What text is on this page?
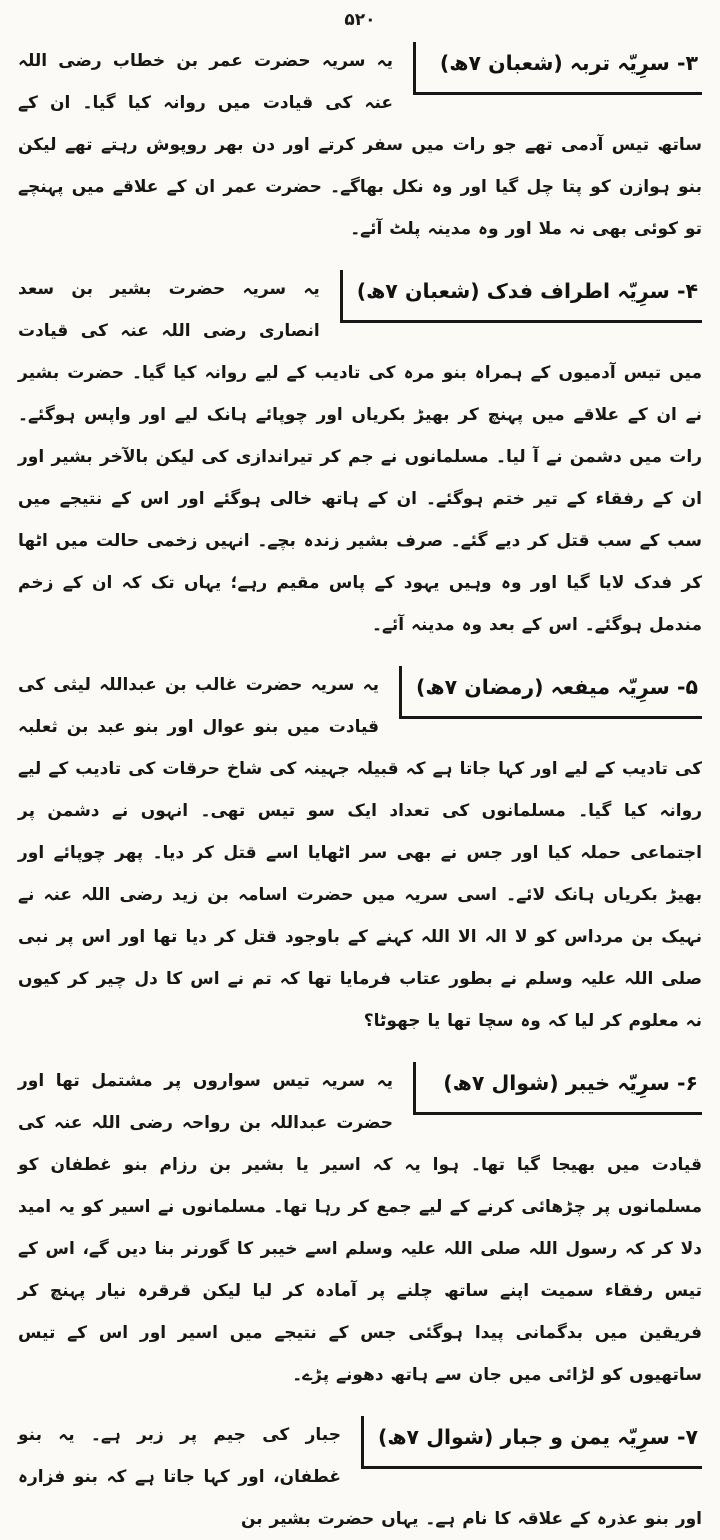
۵۲۰
۳- سرِیّہ تربہ (شعبان ۷ھ)

یہ سریہ حضرت عمر بن خطاب رضی اللہ عنہ کی قیادت میں روانہ کیا گیا۔ ان کے ساتھ تیس آدمی تھے جو رات میں سفر کرتے اور دن بھر روپوش رہتے تھے لیکن بنو ہوازن کو پتا چل گیا اور وہ نکل بھاگے۔ حضرت عمر ان کے علاقے میں پہنچے تو کوئی بھی نہ ملا اور وہ مدینہ پلٹ آئے۔

۴- سرِیّہ اطراف فدک (شعبان ۷ھ)

یہ سریہ حضرت بشیر بن سعد انصاری رضی اللہ عنہ کی قیادت میں تیس آدمیوں کے ہمراہ بنو مرہ کی تادیب کے لیے روانہ کیا گیا۔ حضرت بشیر نے ان کے علاقے میں پہنچ کر بھیڑ بکریاں اور چوپائے ہانک لیے اور واپس ہوگئے۔ رات میں دشمن نے آ لیا۔ مسلمانوں نے جم کر تیراندازی کی لیکن بالآخر بشیر اور ان کے رفقاء کے تیر ختم ہوگئے۔ ان کے ہاتھ خالی ہوگئے اور اس کے نتیجے میں سب کے سب قتل کر دیے گئے۔ صرف بشیر زندہ بچے۔ انہیں زخمی حالت میں اٹھا کر فدک لایا گیا اور وہ وہیں یہود کے پاس مقیم رہے؛ یہاں تک کہ ان کے زخم مندمل ہوگئے۔ اس کے بعد وہ مدینہ آئے۔

۵- سرِیّہ میفعہ (رمضان ۷ھ)

یہ سریہ حضرت غالب بن عبداللہ لیثی کی قیادت میں بنو عوال اور بنو عبد بن ثعلبہ کی تادیب کے لیے اور کہا جاتا ہے کہ قبیلہ جہینہ کی شاخ حرقات کی تادیب کے لیے روانہ کیا گیا۔ مسلمانوں کی تعداد ایک سو تیس تھی۔ انہوں نے دشمن پر اجتماعی حملہ کیا اور جس نے بھی سر اٹھایا اسے قتل کر دیا۔ پھر چوپائے اور بھیڑ بکریاں ہانک لائے۔ اسی سریہ میں حضرت اسامہ بن زید رضی اللہ عنہ نے نہیک بن مرداس کو لا الہ الا اللہ کہنے کے باوجود قتل کر دیا تھا اور اس پر نبی صلی اللہ علیہ وسلم نے بطور عتاب فرمایا تھا کہ تم نے اس کا دل چیر کر کیوں نہ معلوم کر لیا کہ وہ سچا تھا یا جھوٹا؟

۶- سرِیّہ خیبر (شوال ۷ھ)

یہ سریہ تیس سواروں پر مشتمل تھا اور حضرت عبداللہ بن رواحہ رضی اللہ عنہ کی قیادت میں بھیجا گیا تھا۔ ہوا یہ کہ اسیر یا بشیر بن رزام بنو غطفان کو مسلمانوں پر چڑھائی کرنے کے لیے جمع کر رہا تھا۔ مسلمانوں نے اسیر کو یہ امید دلا کر کہ رسول اللہ صلی اللہ علیہ وسلم اسے خیبر کا گورنر بنا دیں گے، اس کے تیس رفقاء سمیت اپنے ساتھ چلنے پر آمادہ کر لیا لیکن قرقرہ نیار پہنچ کر فریقین میں بدگمانی پیدا ہوگئی جس کے نتیجے میں اسیر اور اس کے تیس ساتھیوں کو لڑائی میں جان سے ہاتھ دھونے پڑے۔

۷- سرِیّہ یمن و جبار (شوال ۷ھ)

جبار کی جیم پر زبر ہے۔ یہ بنو غطفان، اور کہا جاتا ہے کہ بنو فزارہ اور بنو عذرہ کے علاقہ کا نام ہے۔ یہاں حضرت بشیر بن
